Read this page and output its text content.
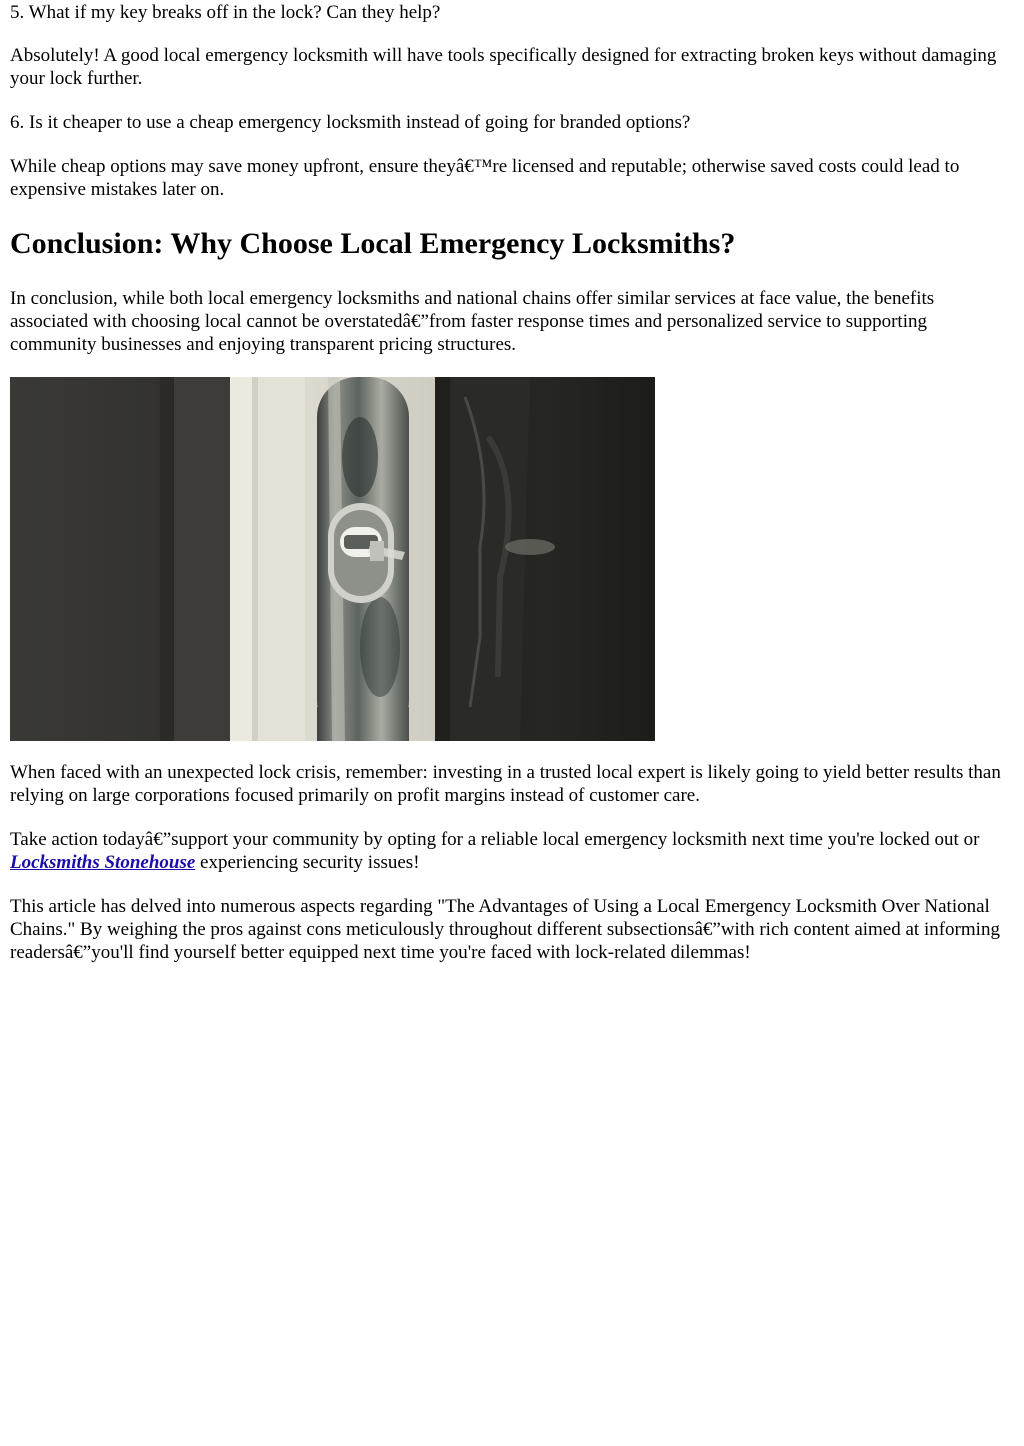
5. What if my key breaks off in the lock? Can they help?

Absolutely! A good local emergency locksmith will have tools specifically designed for extracting broken keys without damaging your lock further.

6. Is it cheaper to use a cheap emergency locksmith instead of going for branded options?

While cheap options may save money upfront, ensure theyâ€™re licensed and reputable; otherwise saved costs could lead to expensive mistakes later on.

Conclusion: Why Choose Local Emergency Locksmiths?

In conclusion, while both local emergency locksmiths and national chains offer similar services at face value, the benefits associated with choosing local cannot be overstatedâ€”from faster response times and personalized service to supporting community businesses and enjoying transparent pricing structures.

When faced with an unexpected lock crisis, remember: investing in a trusted local expert is likely going to yield better results than relying on large corporations focused primarily on profit margins instead of customer care.

Take action todayâ€”support your community by opting for a reliable local emergency locksmith next time you're locked out or Locksmiths Stonehouse experiencing security issues!

This article has delved into numerous aspects regarding "The Advantages of Using a Local Emergency Locksmith Over National Chains." By weighing the pros against cons meticulously throughout different subsectionsâ€”with rich content aimed at informing readersâ€”you'll find yourself better equipped next time you're faced with lock-related dilemmas!
